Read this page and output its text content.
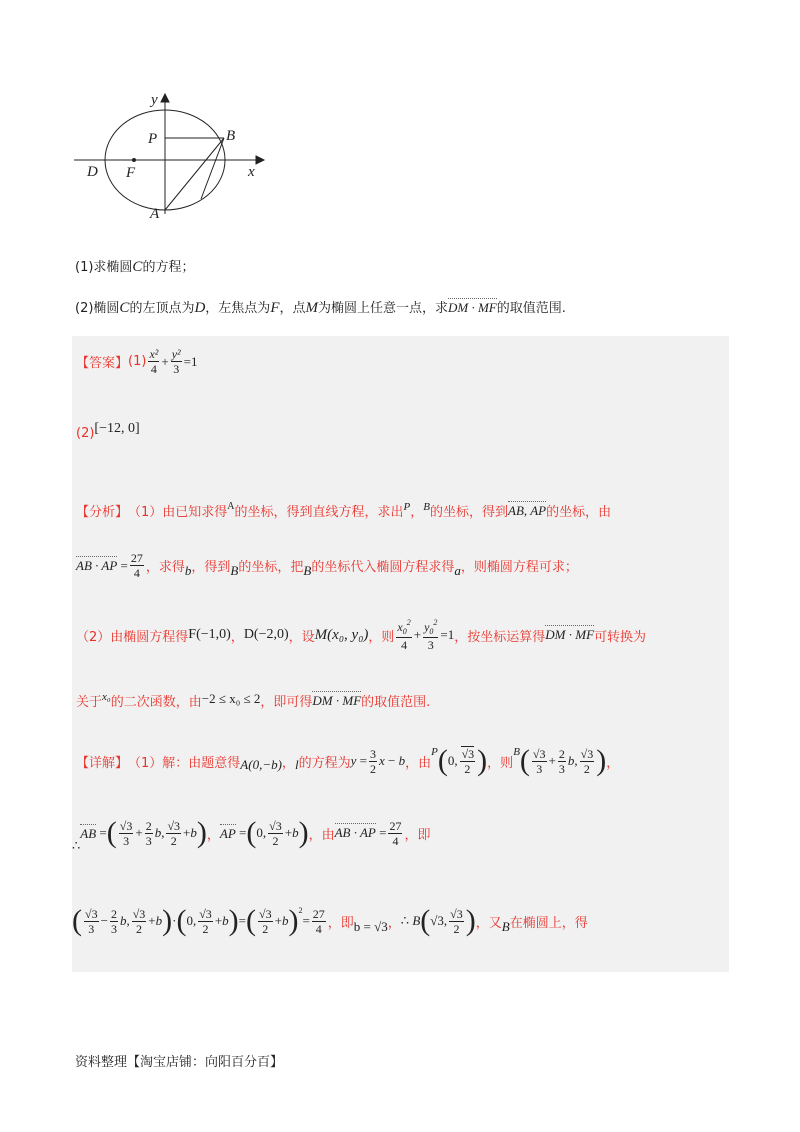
y
x
P	B
D F
A
(1)求椭圆C的方程；
(2)椭圆C的左顶点为D，左焦点为F，点M为椭圆上任意一点，求DM · MF的取值范围.
【答案】 $(1) \frac{\text{x²}}{4} + \frac{\text{y²}}{3} =1$
(2) [−12, 0]
【分析】 （1）由已知求得 A 的坐标，得到直线方程，求出 P ， B 的坐标，得到 AB, AP 的坐标，由
AB · AP = $\frac{27}{4}$ ，求得 b ，得到 B 的坐标，把 B 的坐标代入椭圆方程求得 a ，则椭圆方程可求；
（2）由椭圆方程得 F(−1,0) ， D(−2,0) ，设 M(x₀, y₀) ，则 $\frac{x_0^2}{4} + \frac{y_0^2}{3} =1$ ，按坐标运算得 DM · MF 可转换为
关于 x₀ 的二次函数，由 −2 ≤ x₀ ≤ 2 ，即可得 DM · MF 的取值范围.
【详解】 （1）解：由题意得 A(0,−b) ， l 的方程为 $y = \frac{3}{2}$ x − b ，由
P ( 0, $\frac{√3}{2}$ ) ，则
B ( $\frac{√3}{3} + \frac{2}{3}$ b , $\frac{√3}{2}$ ) ，
∴
AB = ( $\frac{√3}{3} + \frac{2}{3}$ b , $\frac{√3}{2} + b$ ) ， AP = ( 0, $\frac{√3}{2} + b$ ) ，由 AB · AP = $\frac{27}{4}$ ，即
( $\frac{√3}{3} - \frac{2}{3}$ b , $\frac{√3}{2} + b$ ) · ( 0, $\frac{√3}{2} + b$ ) = ( $\frac{√3}{2} + b$ ) 2
= $\frac{27}{4}$ ，即 b = √3 ， ∴ B ( √3, $\frac{√3}{2}$ ) ，又 B 在椭圆上，得
资料整理【淘宝店铺：向阳百分百】
